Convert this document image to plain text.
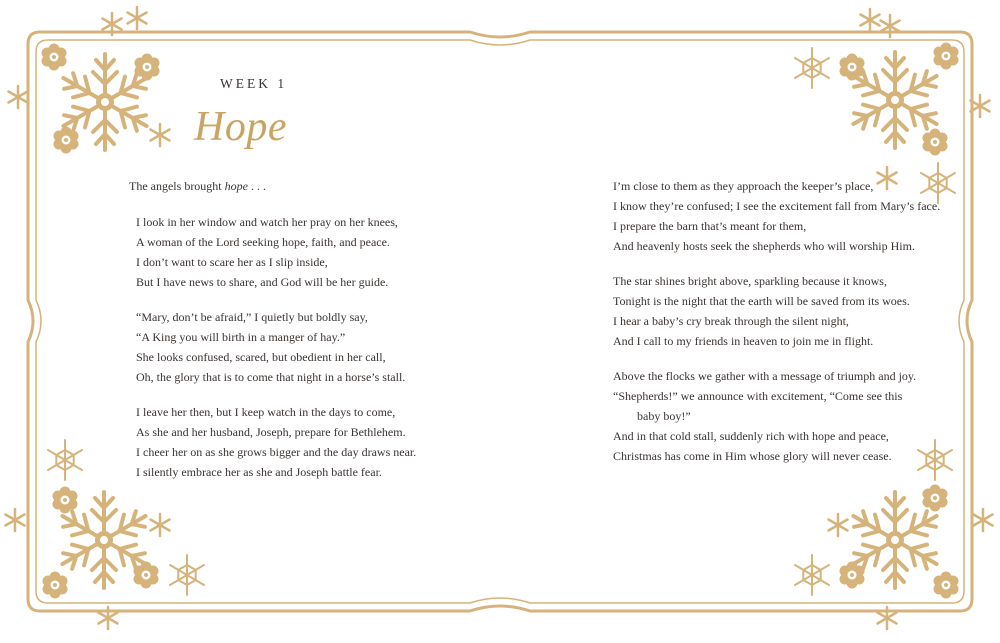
WEEK 1
Hope
The angels brought hope . . .
I look in her window and watch her pray on her knees,
A woman of the Lord seeking hope, faith, and peace.
I don’t want to scare her as I slip inside,
But I have news to share, and God will be her guide.
“Mary, don’t be afraid,” I quietly but boldly say,
“A King you will birth in a manger of hay.”
She looks confused, scared, but obedient in her call,
Oh, the glory that is to come that night in a horse’s stall.
I leave her then, but I keep watch in the days to come,
As she and her husband, Joseph, prepare for Bethlehem.
I cheer her on as she grows bigger and the day draws near.
I silently embrace her as she and Joseph battle fear.
I’m close to them as they approach the keeper’s place,
I know they’re confused; I see the excitement fall from Mary’s face.
I prepare the barn that’s meant for them,
And heavenly hosts seek the shepherds who will worship Him.
The star shines bright above, sparkling because it knows,
Tonight is the night that the earth will be saved from its woes.
I hear a baby’s cry break through the silent night,
And I call to my friends in heaven to join me in flight.
Above the flocks we gather with a message of triumph and joy.
“Shepherds!” we announce with excitement, “Come see this
baby boy!”
And in that cold stall, suddenly rich with hope and peace,
Christmas has come in Him whose glory will never cease.
